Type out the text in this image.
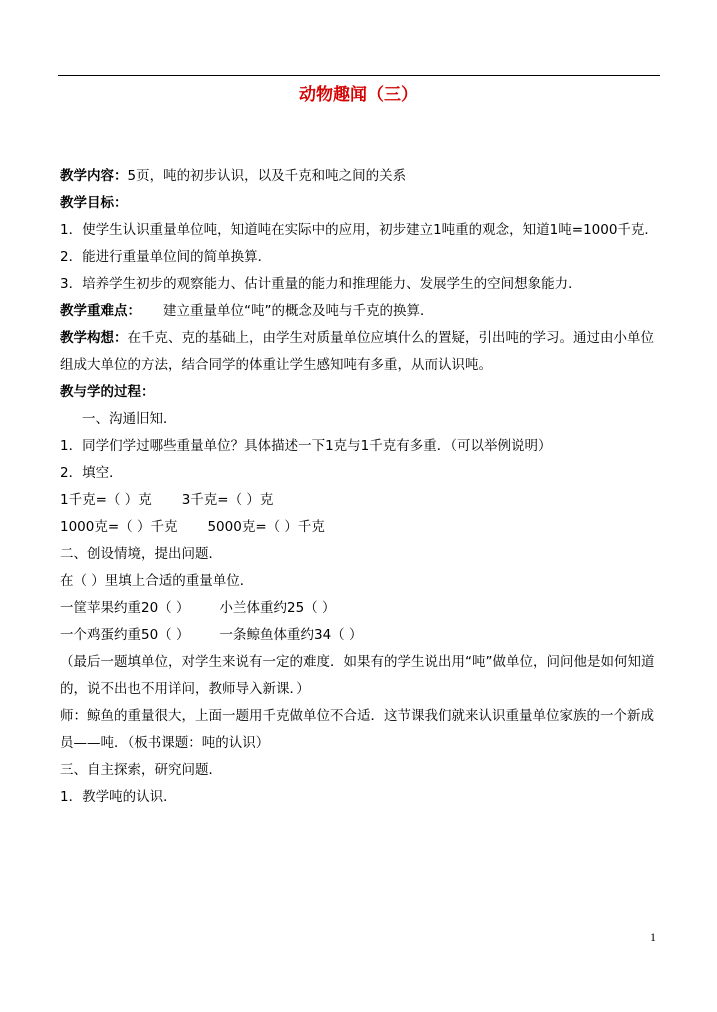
动物趣闻（三）
教学内容：5页，吨的初步认识，以及千克和吨之间的关系
教学目标：
1．使学生认识重量单位吨，知道吨在实际中的应用，初步建立1吨重的观念，知道1吨=1000千克．
2．能进行重量单位间的简单换算．
3．培养学生初步的观察能力、估计重量的能力和推理能力、发展学生的空间想象能力．
教学重难点： 建立重量单位“吨”的概念及吨与千克的换算．
教学构想：在千克、克的基础上，由学生对质量单位应填什么的置疑，引出吨的学习。通过由小单位组成大单位的方法，结合同学的体重让学生感知吨有多重，从而认识吨。
教与学的过程：
一、沟通旧知．
1．同学们学过哪些重量单位？具体描述一下1克与1千克有多重．（可以举例说明）
2．填空．
1千克=（ ）克 3千克=（ ）克
1000克=（ ）千克 5000克=（ ）千克
二、创设情境，提出问题．
在（ ）里填上合适的重量单位．
一筐苹果约重20（ ） 小兰体重约25（ ）
一个鸡蛋约重50（ ） 一条鲸鱼体重约34（ ）
（最后一题填单位，对学生来说有一定的难度．如果有的学生说出用“吨”做单位，问问他是如何知道的，说不出也不用详问，教师导入新课．）
师：鲸鱼的重量很大，上面一题用千克做单位不合适．这节课我们就来认识重量单位家族的一个新成员——吨．（板书课题：吨的认识）
三、自主探索，研究问题．
1．教学吨的认识．
1
